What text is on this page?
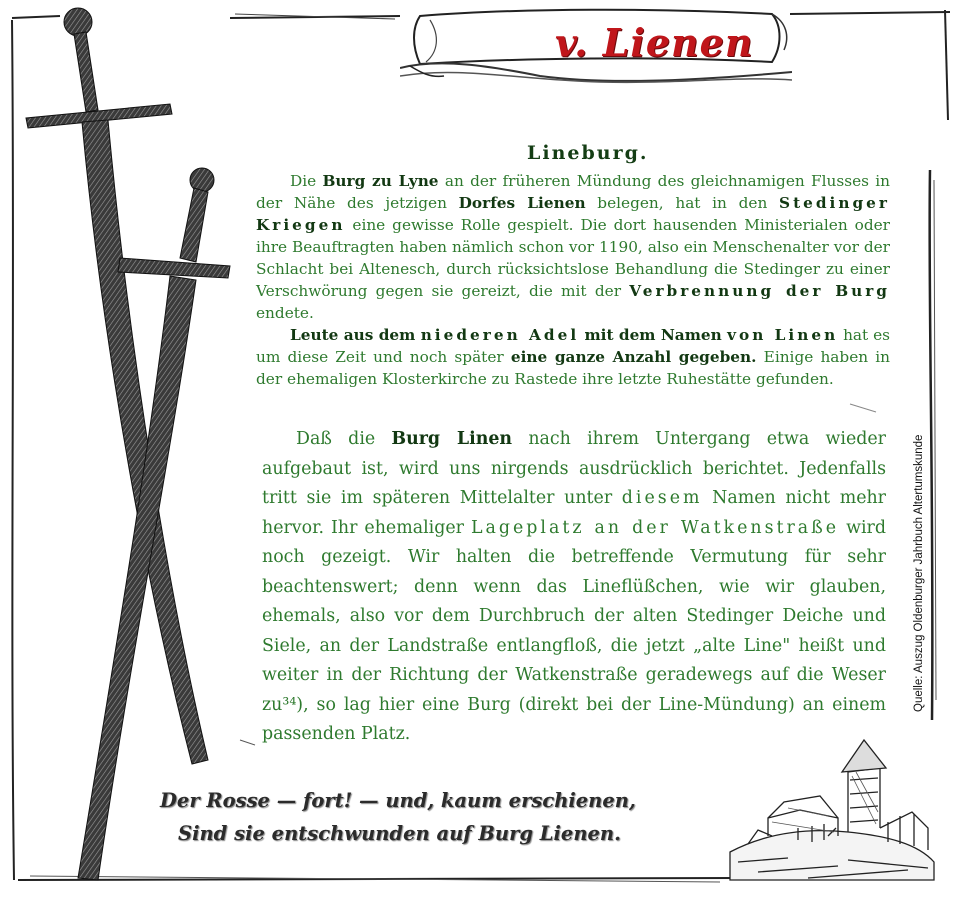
v. Lienen
Lineburg.

Die Burg zu Lyne an der früheren Mündung des gleichnamigen Flusses in der Nähe des jetzigen Dorfes Lienen belegen, hat in den Stedinger Kriegen eine gewisse Rolle gespielt. Die dort hausenden Ministerialen oder ihre Beauftragten haben nämlich schon vor 1190, also ein Menschenalter vor der Schlacht bei Altenesch, durch rücksichtslose Behandlung die Stedinger zu einer Verschwörung gegen sie gereizt, die mit der Verbrennung der Burg endete.

Leute aus dem niederen Adel mit dem Namen von Linen hat es um diese Zeit und noch später eine ganze Anzahl gegeben. Einige haben in der ehemaligen Klosterkirche zu Rastede ihre letzte Ruhestätte gefunden.

Daß die Burg Linen nach ihrem Untergang etwa wieder aufgebaut ist, wird uns nirgends ausdrücklich berichtet. Jedenfalls tritt sie im späteren Mittelalter unter diesem Namen nicht mehr hervor. Ihr ehemaliger Lageplatz an der Watkenstraße wird noch gezeigt. Wir halten die betreffende Vermutung für sehr beachtenswert; denn wenn das Lineflüßchen, wie wir glauben, ehemals, also vor dem Durchbruch der alten Stedinger Deiche und Siele, an der Landstraße entlangfloß, die jetzt „alte Line" heißt und weiter in der Richtung der Watkenstraße geradewegs auf die Weser zu³⁴), so lag hier eine Burg (direkt bei der Line-Mündung) an einem passenden Platz.

Quelle: Auszug Oldenburger Jahrbuch Altertumskunde
Der Rosse — fort! — und, kaum erschienen,
Sind sie entschwunden auf Burg Lienen.
